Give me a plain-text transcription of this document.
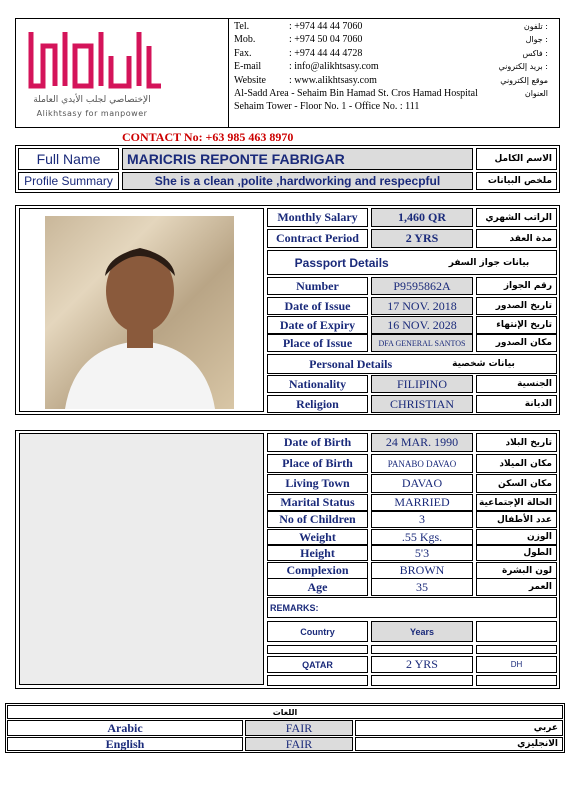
الإختصاصي لجلب الأيدي العاملة
Alikhtsasy for manpower
Tel.	: +974 44 44 7060	تلفون :
Mob.	: +974 50 04 7060	جوال :
Fax.	: +974 44 44 4728	فاكس :
E-mail	: info@alikhtsasy.com	بريد إلكتروني :
Website : www.alikhtsasy.com	موقع إلكتروني
Al-Sadd Area - Sehaim Bin Hamad St. Cros Hamad Hospital	العنوان
Sehaim Tower - Floor No. 1 - Office No. : 111
CONTACT No: +63 985 463 8970
Full Name	MARICRIS REPONTE FABRIGAR	الاسم الكامل
Profile Summary	She is a clean ,polite ,hardworking and respecpful	ملخص البيانات
Monthly Salary	1,460 QR	الراتب الشهري
Contract Period	2 YRS	مدة العقد
Passport Details	بيانات جواز السفر
Number	P9595862A	رقم الجواز
Date of Issue	17 NOV. 2018	تاريخ الصدور
Date of Expiry	16 NOV. 2028	تاريخ الإنتهاء
Place of Issue	DFA GENERAL SANTOS	مكان الصدور
Personal Details	بيانات شخصية
Nationality	FILIPINO	الجنسية
Religion	CHRISTIAN	الديانة
Date of Birth	24 MAR. 1990	تاريخ البلاد
Place of Birth	PANABO DAVAO	مكان الميلاد
Living Town	DAVAO	مكان السكن
Marital Status	MARRIED	الحالة الإجتماعية
No of Children	3	عدد الأطفال
Weight	.55 Kgs.	الوزن
Height	5'3	الطول
Complexion	BROWN	لون البشرة
Age	35	العمر
REMARKS:
Country	Years
QATAR	2 YRS	DH
اللغات
Arabic	FAIR	عربي
English	FAIR	الانجليزي
